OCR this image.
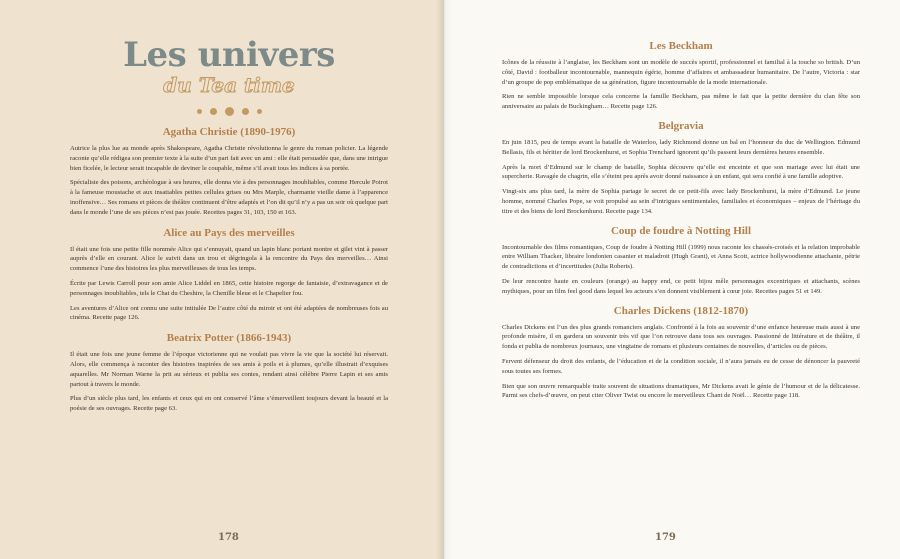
Les univers
du Tea time
Agatha Christie (1890-1976)

Autrice la plus lue au monde après Shakespeare, Agatha Christie révolutionna le genre du roman policier. La légende raconte qu’elle rédigea son premier texte à la suite d’un pari fait avec un ami : elle était persuadée que, dans une intrigue bien ficelée, le lecteur serait incapable de deviner le coupable, même s’il avait tous les indices à sa portée.

Spécialiste des poisons, archéologue à ses heures, elle donna vie à des personnages inoubliables, comme Hercule Poirot à la fameuse moustache et aux insatiables petites cellules grises ou Mrs Marple, charmante vieille dame à l’apparence inoffensive… Ses romans et pièces de théâtre continuent d’être adaptés et l’on dit qu’il n’y a pas un soir où quelque part dans le monde l’une de ses pièces n’est pas jouée. Recettes pages 31, 103, 150 et 163.

Alice au Pays des merveilles

Il était une fois une petite fille nommée Alice qui s’ennuyait, quand un lapin blanc portant montre et gilet vint à passer auprès d’elle en courant. Alice le suivit dans un trou et dégringola à la rencontre du Pays des merveilles… Ainsi commence l’une des histoires les plus merveilleuses de tous les temps.

Écrite par Lewis Carroll pour son amie Alice Liddel en 1865, cette histoire regorge de fantaisie, d’extravagance et de personnages inoubliables, tels le Chat du Cheshire, la Chenille bleue et le Chapelier fou.

Les aventures d’Alice ont connu une suite intitulée De l’autre côté du miroir et ont été adaptées de nombreuses fois au cinéma. Recette page 126.

Beatrix Potter (1866-1943)

Il était une fois une jeune femme de l’époque victorienne qui ne voulait pas vivre la vie que la société lui réservait. Alors, elle commença à raconter des histoires inspirées de ses amis à poils et à plumes, qu’elle illustrait d’exquises aquarelles. Mr Norman Warne la prit au sérieux et publia ses contes, rendant ainsi célèbre Pierre Lapin et ses amis partout à travers le monde.

Plus d’un siècle plus tard, les enfants et ceux qui en ont conservé l’âme s’émerveillent toujours devant la beauté et la poésie de ses ouvrages. Recette page 63.

178
Les Beckham

Icônes de la réussite à l’anglaise, les Beckham sont un modèle de succès sportif, professionnel et familial à la touche so british. D’un côté, David : footballeur incontournable, mannequin égérie, homme d’affaires et ambassadeur humanitaire. De l’autre, Victoria : star d’un groupe de pop emblématique de sa génération, figure incontournable de la mode internationale.

Rien ne semble impossible lorsque cela concerne la famille Beckham, pas même le fait que la petite dernière du clan fête son anniversaire au palais de Buckingham… Recette page 126.

Belgravia

En juin 1815, peu de temps avant la bataille de Waterloo, lady Richmond donne un bal en l’honneur du duc de Wellington. Edmund Bellasis, fils et héritier de lord Brockenhurst, et Sophia Trenchard ignorent qu’ils passent leurs dernières heures ensemble.

Après la mort d’Edmund sur le champ de bataille, Sophia découvre qu’elle est enceinte et que son mariage avec lui était une supercherie. Ravagée de chagrin, elle s’éteint peu après avoir donné naissance à un enfant, qui sera confié à une famille adoptive.

Vingt-six ans plus tard, la mère de Sophia partage le secret de ce petit-fils avec lady Brockenhurst, la mère d’Edmund. Le jeune homme, nommé Charles Pope, se voit propulsé au sein d’intrigues sentimentales, familiales et économiques – enjeux de l’héritage du titre et des biens de lord Brockenhurst. Recette page 134.

Coup de foudre à Notting Hill

Incontournable des films romantiques, Coup de foudre à Notting Hill (1999) nous raconte les chassés-croisés et la relation improbable entre William Thacker, libraire londonien casanier et maladroit (Hugh Grant), et Anna Scott, actrice hollywoodienne attachante, pétrie de contradictions et d’incertitudes (Julia Roberts).

De leur rencontre haute en couleurs (orange) au happy end, ce petit bijou mêle personnages excentriques et attachants, scènes mythiques, pour un film feel good dans lequel les acteurs s’en donnent visiblement à cœur joie. Recettes pages 51 et 149.

Charles Dickens (1812-1870)

Charles Dickens est l’un des plus grands romanciers anglais. Confronté à la fois au souvenir d’une enfance heureuse mais aussi à une profonde misère, il en gardera un souvenir très vif que l’on retrouve dans tous ses ouvrages. Passionné de littérature et de théâtre, il fonda et publia de nombreux journaux, une vingtaine de romans et plusieurs centaines de nouvelles, d’articles ou de pièces.

Fervent défenseur du droit des enfants, de l’éducation et de la condition sociale, il n’aura jamais eu de cesse de dénoncer la pauvreté sous toutes ses formes.

Bien que son œuvre remarquable traite souvent de situations dramatiques, Mr Dickens avait le génie de l’humour et de la délicatesse. Parmi ses chefs-d’œuvre, on peut citer Oliver Twist ou encore le merveilleux Chant de Noël… Recette page 118.

179
